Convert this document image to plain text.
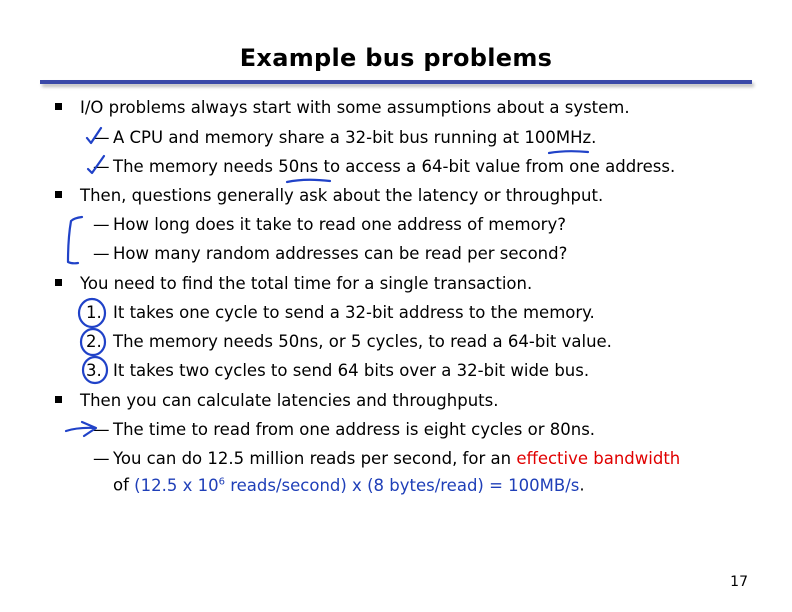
Example bus problems
I/O problems always start with some assumptions about a system.
— A CPU and memory share a 32-bit bus running at 100MHz.
— The memory needs 50ns to access a 64-bit value from one address.
Then, questions generally ask about the latency or throughput.
— How long does it take to read one address of memory?
— How many random addresses can be read per second?
You need to find the total time for a single transaction.
1. It takes one cycle to send a 32-bit address to the memory.
2. The memory needs 50ns, or 5 cycles, to read a 64-bit value.
3. It takes two cycles to send 64 bits over a 32-bit wide bus.
Then you can calculate latencies and throughputs.
— The time to read from one address is eight cycles or 80ns.
— You can do 12.5 million reads per second, for an effective bandwidth
of (12.5 x $10^6$ reads/second) x (8 bytes/read) = 100MB/s.
17
